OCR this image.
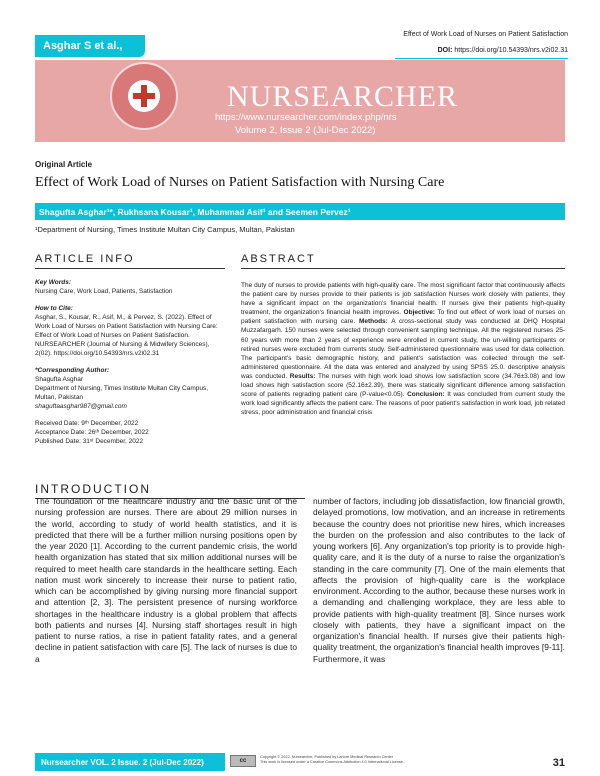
Asghar S et al.,
Effect of Work Load of Nurses on Patient Satisfaction
DOI: https://doi.org/10.54393/nrs.v2i02.31
NURSEARCHER
https://www.nursearcher.com/index.php/nrs
Volume 2, Issue 2 (Jul-Dec 2022)
Original Article
Effect of Work Load of Nurses on Patient Satisfaction with Nursing Care
Shagufta Asghar¹*, Rukhsana Kousar¹, Muhammad Asif¹ and Seemen Pervez¹
¹Department of Nursing, Times Institute Multan City Campus, Multan, Pakistan
ARTICLE INFO	ABSTRACT
Key Words:
Nursing Care, Work Load, Patients, Satisfaction
How to Cite:
Asghar, S., Kousar, R., Asif, M., & Pervez, S. (2022). Effect of Work Load of Nurses on Patient Satisfaction with Nursing Care: Effect of Work Load of Nurses on Patient Satisfaction. NURSEARCHER (Journal of Nursing & Midwifery Sciences), 2(02). https://doi.org/10.54393/nrs.v2i02.31
*Corresponding Author:
Shagufta Asghar
Department of Nursing, Times Institute Multan City Campus, Multan, Pakistan
shaguftaasghar987@gmail.com
Received Date: 9ᵗʰ December, 2022
Acceptance Date: 26ᵗʰ December, 2022
Published Date: 31ˢᵗ December, 2022
The duty of nurses to provide patients with high-quality care. The most significant factor that continuously affects the patient care by nurses provide to their patients is job satisfaction Nurses work closely with patients, they have a significant impact on the organization's financial health. If nurses give their patients high-quality treatment, the organization's financial health improves. Objective: To find out effect of work load of nurses on patient satisfaction with nursing care. Methods: A cross-sectional study was conducted at DHQ Hospital Muzzafargarh. 150 nurses were selected through convenient sampling technique. All the registered nurses 25-60 years with more than 2 years of experience were enrolled in current study, the un-willing participants or retired nurses were excluded from currents study. Self-administered questionnaire was used for data collection. The participant's basic demographic history, and patient's satisfaction was collected through the self-administered questionnaire. All the data was entered and analyzed by using SPSS 25.0. descriptive analysis was conducted. Results: The nurses with high work load shows low satisfaction score (34.76±3.08) and low load shows high satisfaction score (52.16±2.39), there was statically significant difference among satisfaction score of patients regrading patient care (P-value<0.05). Conclusion: It was concluded from current study the work load significantly affects the patient care. The reasons of poor patient's satisfaction in work load, job related stress, poor administration and financial crisis
INTRODUCTION
The foundation of the healthcare industry and the basic unit of the nursing profession are nurses. There are about 29 million nurses in the world, according to study of world health statistics, and it is predicted that there will be a further million nursing positions open by the year 2020 [1]. According to the current pandemic crisis, the world health organization has stated that six million additional nurses will be required to meet health care standards in the healthcare setting. Each nation must work sincerely to increase their nurse to patient ratio, which can be accomplished by giving nursing more financial support and attention [2, 3]. The persistent presence of nursing workforce shortages in the healthcare industry is a global problem that affects both patients and nurses [4]. Nursing staff shortages result in high patient to nurse ratios, a rise in patient fatality rates, and a general decline in patient satisfaction with care [5]. The lack of nurses is due to a
number of factors, including job dissatisfaction, low financial growth, delayed promotions, low motivation, and an increase in retirements because the country does not prioritise new hires, which increases the burden on the profession and also contributes to the lack of young workers [6]. Any organization's top priority is to provide high-quality care, and it is the duty of a nurse to raise the organization's standing in the care community [7]. One of the main elements that affects the provision of high-quality care is the workplace environment. According to the author, because these nurses work in a demanding and challenging workplace, they are less able to provide patients with high-quality treatment [8]. Since nurses work closely with patients, they have a significant impact on the organization's financial health. If nurses give their patients high-quality treatment, the organization's financial health improves [9-11]. Furthermore, it was
Nursearcher VOL. 2 Issue. 2 (Jul-Dec 2022)	cc
Copyright © 2022. Nursearcher, Published by Lahore Medical Research Center
This work is licensed under a Creative Commons Attribution 4.0 International License.	31
